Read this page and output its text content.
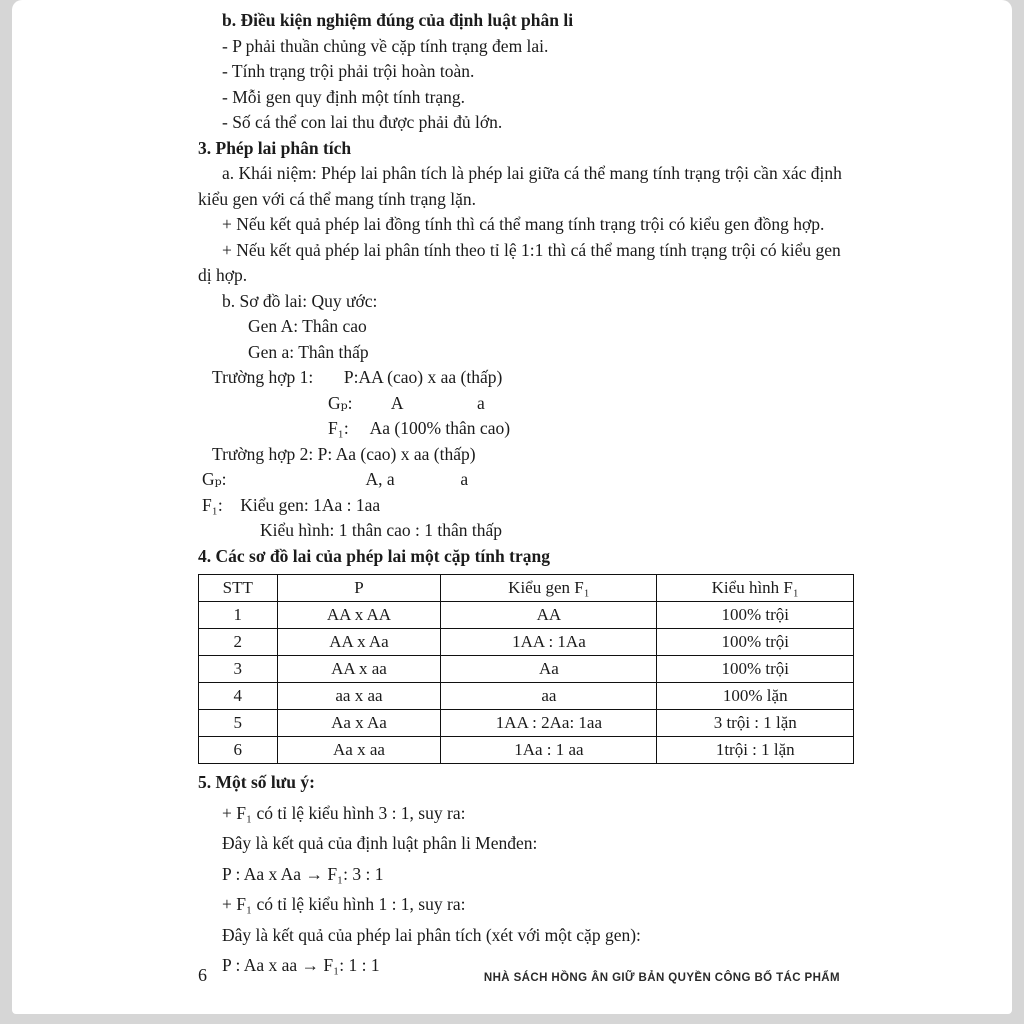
b. Điều kiện nghiệm đúng của định luật phân li

- P phải thuần chủng về cặp tính trạng đem lai.

- Tính trạng trội phải trội hoàn toàn.

- Mỗi gen quy định một tính trạng.

- Số cá thể con lai thu được phải đủ lớn.

3. Phép lai phân tích

a. Khái niệm: Phép lai phân tích là phép lai giữa cá thể mang tính trạng trội cần xác định kiểu gen với cá thể mang tính trạng lặn.

+ Nếu kết quả phép lai đồng tính thì cá thể mang tính trạng trội có kiểu gen đồng hợp.

+ Nếu kết quả phép lai phân tính theo tỉ lệ 1:1 thì cá thể mang tính trạng trội có kiểu gen dị hợp.

b. Sơ đồ lai: Quy ước:

Gen A: Thân cao

Gen a: Thân thấp

Trường hợp 1:       P:AA (cao) x aa (thấp)

Gₚ:         A                 a

F₁:     Aa (100% thân cao)

Trường hợp 2: P: Aa (cao) x aa (thấp)

Gₚ:                                A, a               a

F₁:    Kiểu gen: 1Aa : 1aa

Kiểu hình: 1 thân cao : 1 thân thấp

4. Các sơ đồ lai của phép lai một cặp tính trạng

STT	P	Kiểu gen F₁	Kiểu hình F₁
1	AA x AA	AA	100% trội
2	AA x Aa	1AA : 1Aa	100% trội
3	AA x aa	Aa	100% trội
4	aa x aa	aa	100% lặn
5	Aa x Aa	1AA : 2Aa: 1aa	3 trội : 1 lặn
6	Aa x aa	1Aa : 1 aa	1trội : 1 lặn

5. Một số lưu ý:

+ F₁ có tỉ lệ kiểu hình 3 : 1, suy ra:

Đây là kết quả của định luật phân li Menđen:

P : Aa x Aa → F₁: 3 : 1

+ F₁ có tỉ lệ kiểu hình 1 : 1, suy ra:

Đây là kết quả của phép lai phân tích (xét với một cặp gen):

P : Aa x aa → F₁: 1 : 1

6	NHÀ SÁCH HỒNG ÂN GIỮ BẢN QUYỀN CÔNG BỐ TÁC PHẨM
